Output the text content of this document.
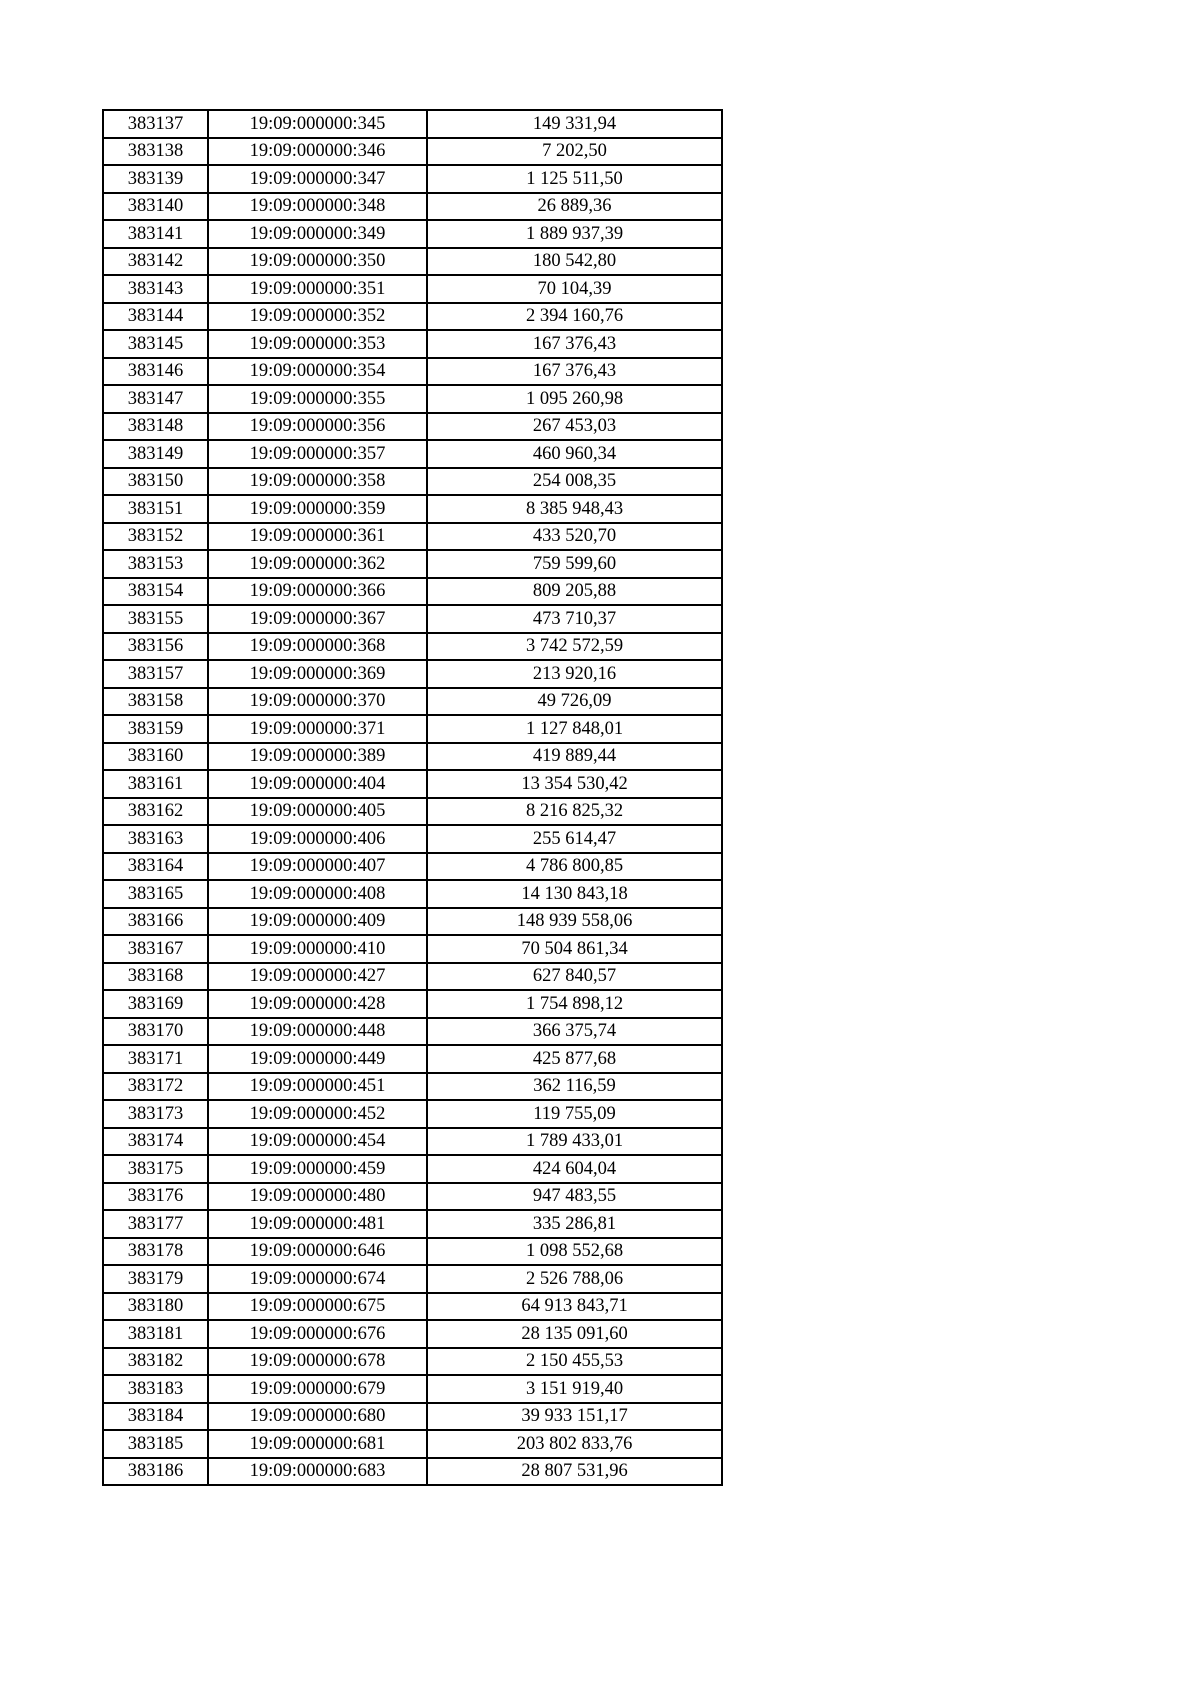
383137	19:09:000000:345	149 331,94
383138	19:09:000000:346	7 202,50
383139	19:09:000000:347	1 125 511,50
383140	19:09:000000:348	26 889,36
383141	19:09:000000:349	1 889 937,39
383142	19:09:000000:350	180 542,80
383143	19:09:000000:351	70 104,39
383144	19:09:000000:352	2 394 160,76
383145	19:09:000000:353	167 376,43
383146	19:09:000000:354	167 376,43
383147	19:09:000000:355	1 095 260,98
383148	19:09:000000:356	267 453,03
383149	19:09:000000:357	460 960,34
383150	19:09:000000:358	254 008,35
383151	19:09:000000:359	8 385 948,43
383152	19:09:000000:361	433 520,70
383153	19:09:000000:362	759 599,60
383154	19:09:000000:366	809 205,88
383155	19:09:000000:367	473 710,37
383156	19:09:000000:368	3 742 572,59
383157	19:09:000000:369	213 920,16
383158	19:09:000000:370	49 726,09
383159	19:09:000000:371	1 127 848,01
383160	19:09:000000:389	419 889,44
383161	19:09:000000:404	13 354 530,42
383162	19:09:000000:405	8 216 825,32
383163	19:09:000000:406	255 614,47
383164	19:09:000000:407	4 786 800,85
383165	19:09:000000:408	14 130 843,18
383166	19:09:000000:409	148 939 558,06
383167	19:09:000000:410	70 504 861,34
383168	19:09:000000:427	627 840,57
383169	19:09:000000:428	1 754 898,12
383170	19:09:000000:448	366 375,74
383171	19:09:000000:449	425 877,68
383172	19:09:000000:451	362 116,59
383173	19:09:000000:452	119 755,09
383174	19:09:000000:454	1 789 433,01
383175	19:09:000000:459	424 604,04
383176	19:09:000000:480	947 483,55
383177	19:09:000000:481	335 286,81
383178	19:09:000000:646	1 098 552,68
383179	19:09:000000:674	2 526 788,06
383180	19:09:000000:675	64 913 843,71
383181	19:09:000000:676	28 135 091,60
383182	19:09:000000:678	2 150 455,53
383183	19:09:000000:679	3 151 919,40
383184	19:09:000000:680	39 933 151,17
383185	19:09:000000:681	203 802 833,76
383186	19:09:000000:683	28 807 531,96
